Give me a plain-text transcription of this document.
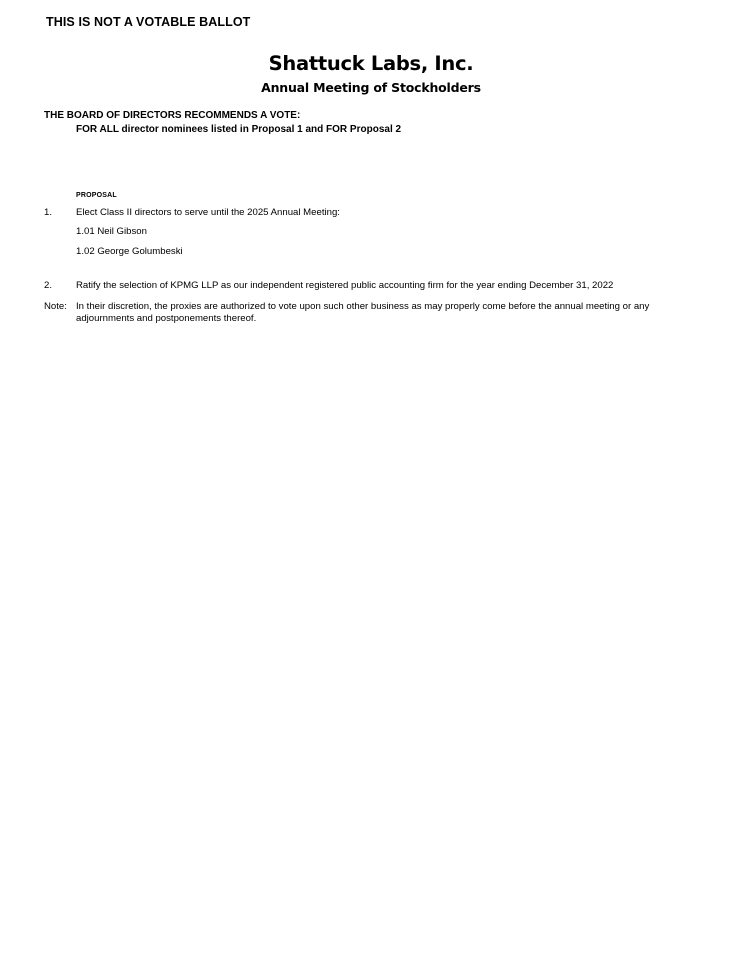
THIS IS NOT A VOTABLE BALLOT
Shattuck Labs, Inc.
Annual Meeting of Stockholders
THE BOARD OF DIRECTORS RECOMMENDS A VOTE:
FOR ALL director nominees listed in Proposal 1 and FOR Proposal 2
PROPOSAL
1. Elect Class II directors to serve until the 2025 Annual Meeting:
1.01 Neil Gibson
1.02 George Golumbeski
2. Ratify the selection of KPMG LLP as our independent registered public accounting firm for the year ending December 31, 2022
Note: In their discretion, the proxies are authorized to vote upon such other business as may properly come before the annual meeting or any adjournments and postponements thereof.
